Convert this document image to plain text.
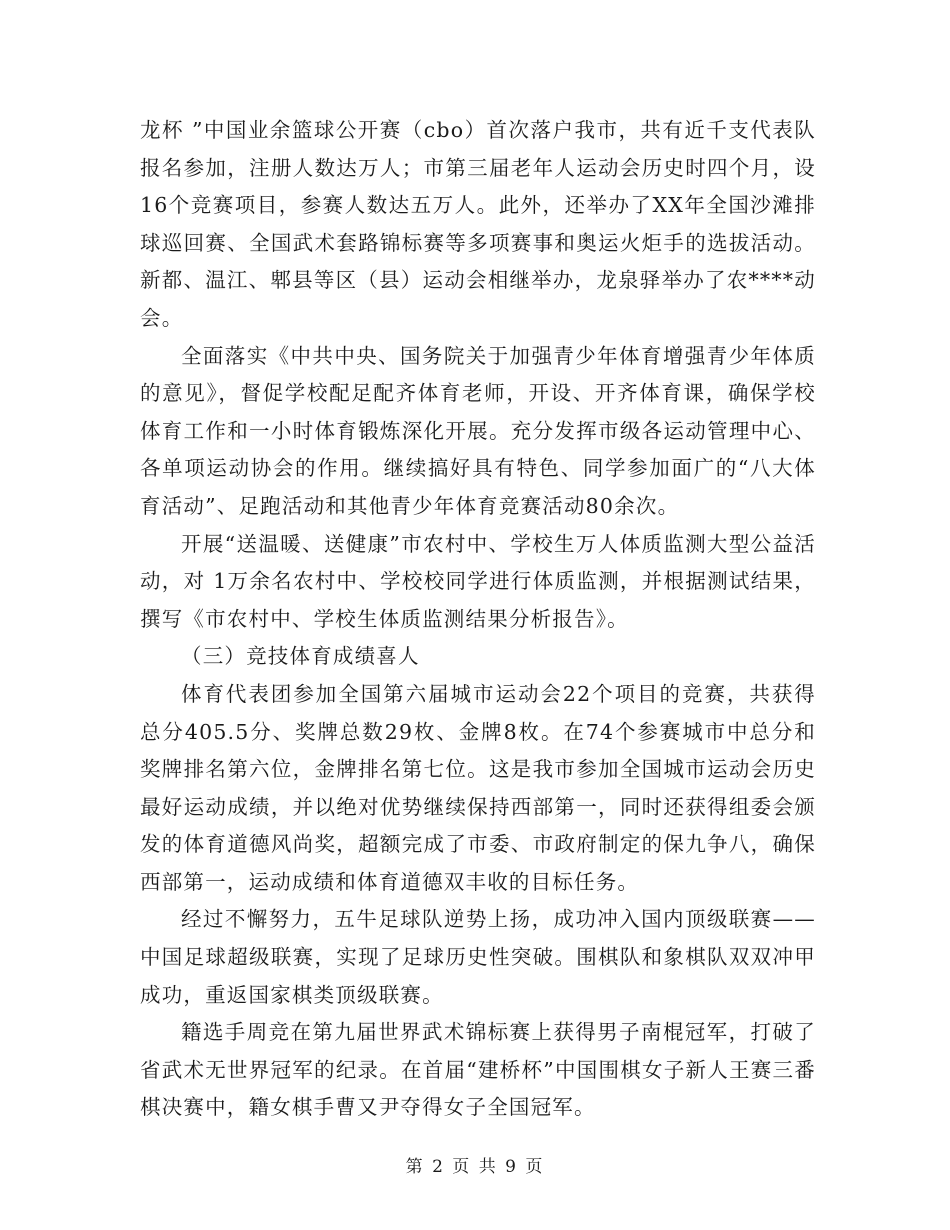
龙杯 ”中国业余篮球公开赛（cbo）首次落户我市，共有近千支代表队报名参加，注册人数达万人；市第三届老年人运动会历史时四个月，设16个竞赛项目，参赛人数达五万人。此外，还举办了XX年全国沙滩排球巡回赛、全国武术套路锦标赛等多项赛事和奥运火炬手的选拔活动。新都、温江、郫县等区（县）运动会相继举办，龙泉驿举办了农****动会。

全面落实《中共中央、国务院关于加强青少年体育增强青少年体质的意见》，督促学校配足配齐体育老师，开设、开齐体育课，确保学校体育工作和一小时体育锻炼深化开展。充分发挥市级各运动管理中心、各单项运动协会的作用。继续搞好具有特色、同学参加面广的“八大体育活动”、足跑活动和其他青少年体育竞赛活动80余次。

开展“送温暖、送健康”市农村中、学校生万人体质监测大型公益活动，对 1万余名农村中、学校校同学进行体质监测，并根据测试结果，撰写《市农村中、学校生体质监测结果分析报告》。

（三）竞技体育成绩喜人

体育代表团参加全国第六届城市运动会22个项目的竞赛，共获得总分405.5分、奖牌总数29枚、金牌8枚。在74个参赛城市中总分和奖牌排名第六位，金牌排名第七位。这是我市参加全国城市运动会历史最好运动成绩，并以绝对优势继续保持西部第一，同时还获得组委会颁发的体育道德风尚奖，超额完成了市委、市政府制定的保九争八，确保西部第一，运动成绩和体育道德双丰收的目标任务。

经过不懈努力，五牛足球队逆势上扬，成功冲入国内顶级联赛——中国足球超级联赛，实现了足球历史性突破。围棋队和象棋队双双冲甲成功，重返国家棋类顶级联赛。

籍选手周竞在第九届世界武术锦标赛上获得男子南棍冠军，打破了省武术无世界冠军的纪录。在首届“建桥杯”中国围棋女子新人王赛三番棋决赛中，籍女棋手曹又尹夺得女子全国冠军。

第 2 页 共 9 页
